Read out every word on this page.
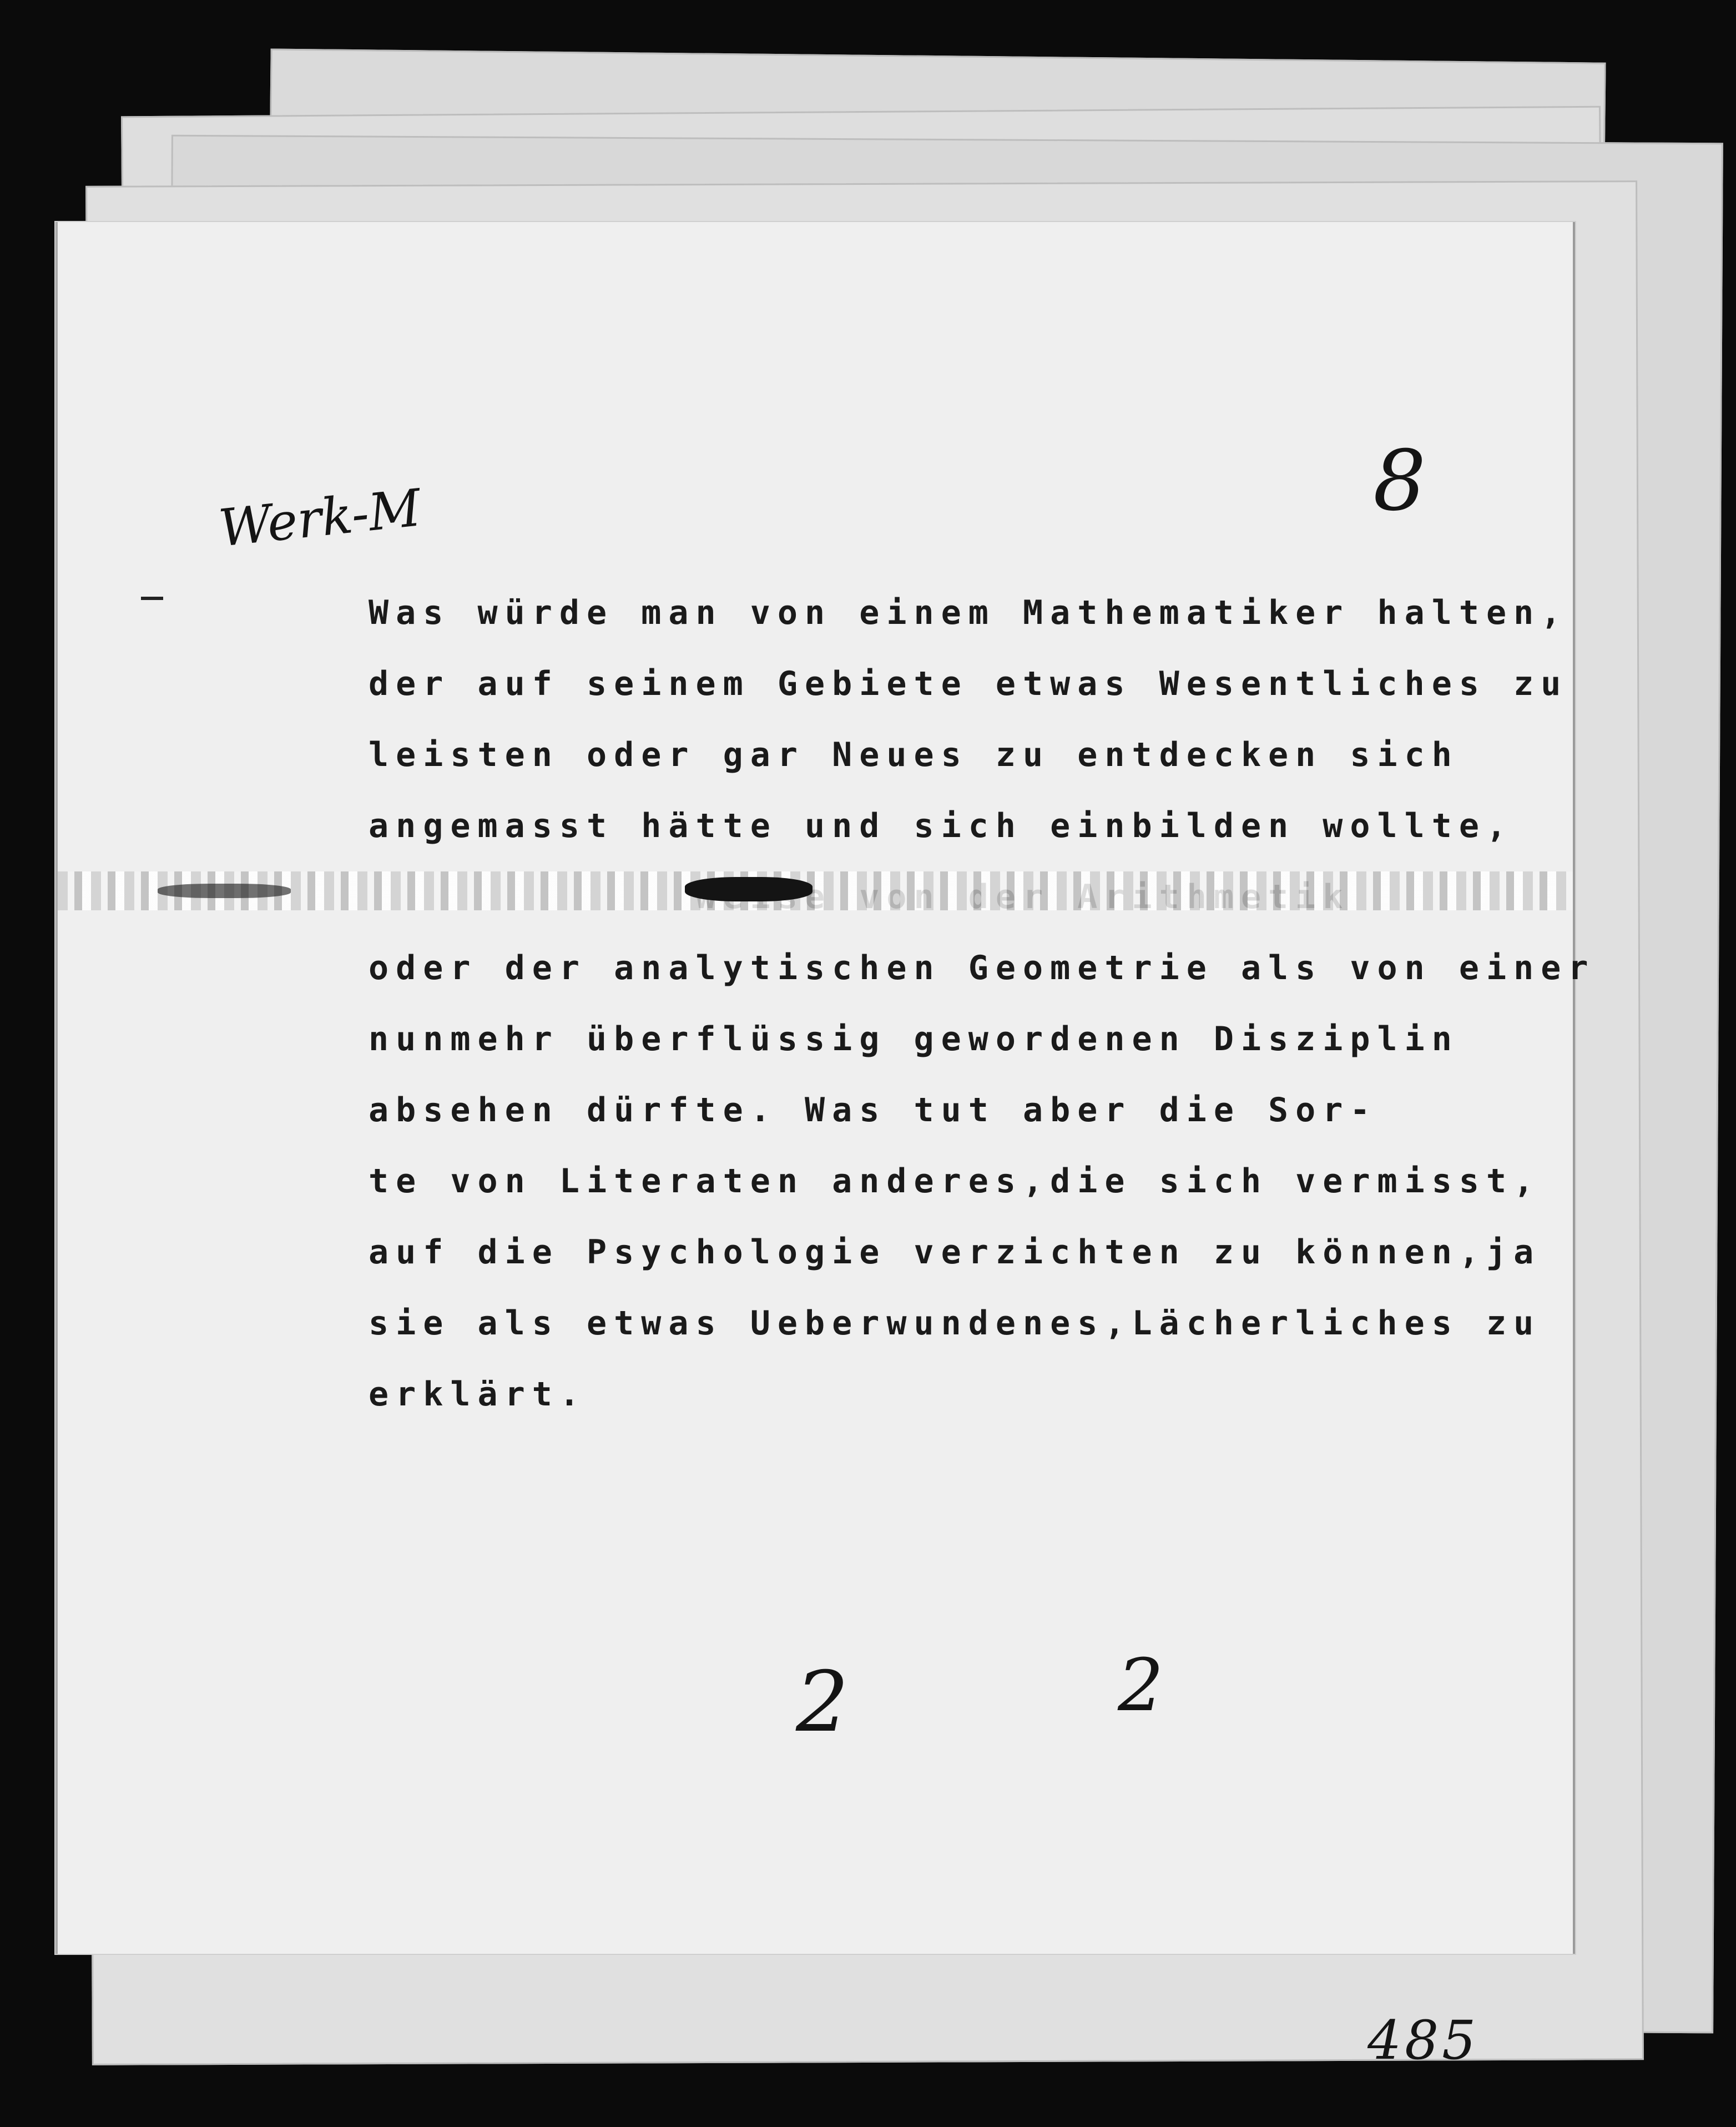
Werk-M	8
Was würde man von einem Mathematiker halten,
der auf seinem Gebiete etwas Wesentliches zu
leisten oder gar Neues zu entdecken sich
angemasst hätte und sich einbilden wollte,
oder der analytischen Geometrie als von einer
nunmehr überflüssig gewordenen Disziplin
absehen dürfte. Was tut aber die Sor-
te von Literaten anderes,die sich vermisst,
auf die Psychologie verzichten zu können,ja
sie als etwas Ueberwundenes,Lächerliches zu
erklärt.
2	2
485
